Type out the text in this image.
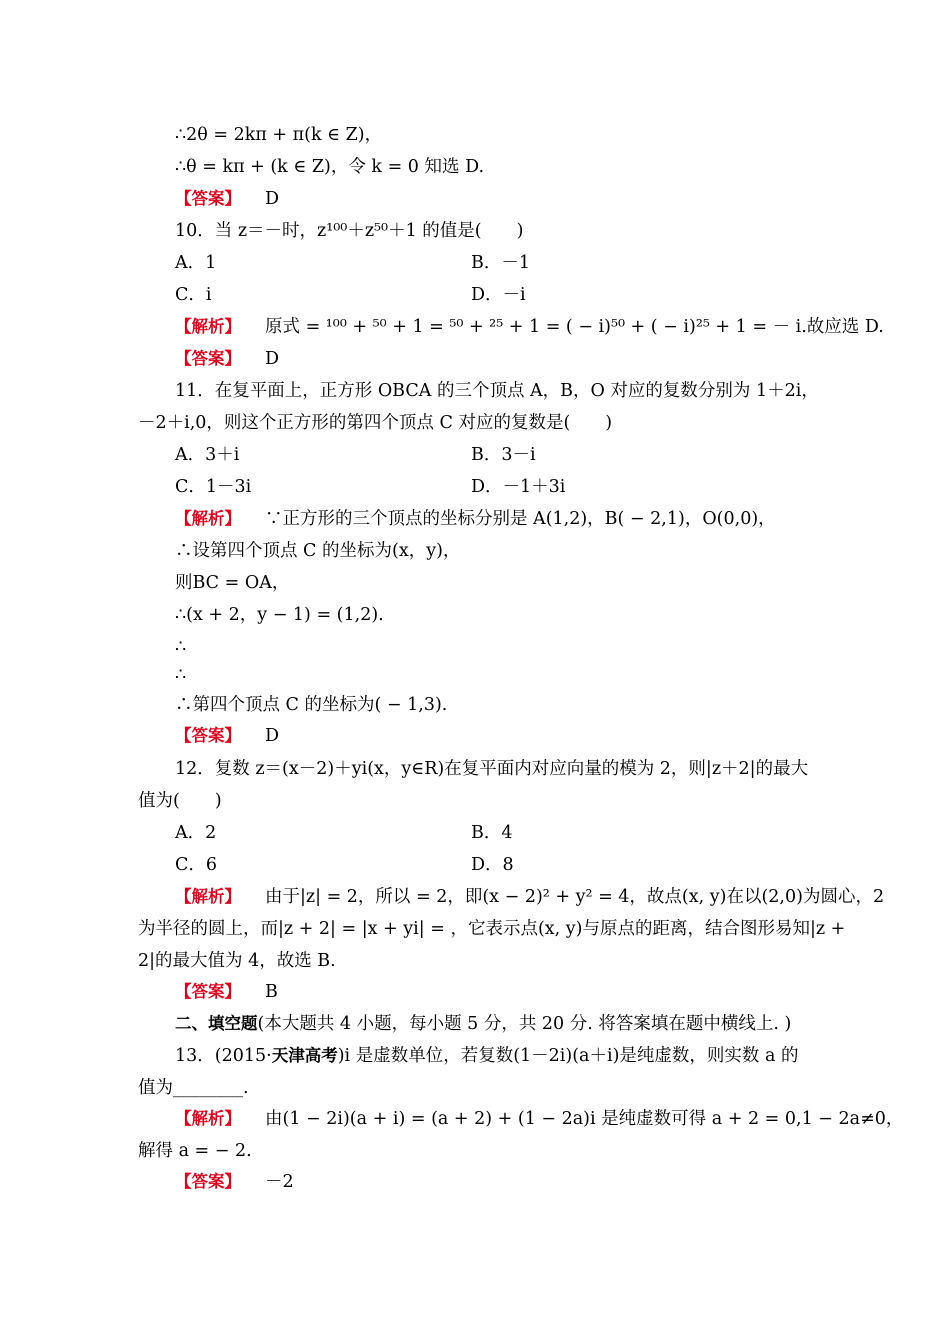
∴2θ = 2kπ + π(k ∈ Z)，
∴θ = kπ + (k ∈ Z)，令 k = 0 知选 D.
【答案】 D
10．当 z＝－时，z¹⁰⁰＋z⁵⁰＋1 的值是(　　)
A．1	B．－1
C．i	D．－i
【解析】 原式 = ¹⁰⁰ + ⁵⁰ + 1 = ⁵⁰ + ²⁵ + 1 = ( − i)⁵⁰ + ( − i)²⁵ + 1 = － i.故应选 D.
【答案】 D
11．在复平面上，正方形 OBCA 的三个顶点 A，B，O 对应的复数分别为 1＋2i，
－2＋i,0，则这个正方形的第四个顶点 C 对应的复数是(　　)
A．3＋i	B．3－i
C．1－3i	D．－1＋3i
【解析】 ∵正方形的三个顶点的坐标分别是 A(1,2)，B( − 2,1)，O(0,0)，
∴设第四个顶点 C 的坐标为(x，y)，
则BC = OA，
∴(x + 2，y − 1) = (1,2).
∴
∴
∴第四个顶点 C 的坐标为( − 1,3).
【答案】 D
12．复数 z＝(x－2)＋yi(x，y∈R)在复平面内对应向量的模为 2，则|z＋2|的最大
值为(　　)
A．2	B．4
C．6	D．8
【解析】 由于|z| = 2，所以 = 2，即(x − 2)² + y² = 4，故点(x, y)在以(2,0)为圆心，2
为半径的圆上，而|z + 2| = |x + yi| = ，它表示点(x, y)与原点的距离，结合图形易知|z +
2|的最大值为 4，故选 B.
【答案】 B
二、填空题(本大题共 4 小题，每小题 5 分，共 20 分. 将答案填在题中横线上. )
13．(2015·天津高考)i 是虚数单位，若复数(1－2i)(a＋i)是纯虚数，则实数 a 的
值为________.
【解析】 由(1 − 2i)(a + i) = (a + 2) + (1 − 2a)i 是纯虚数可得 a + 2 = 0,1 − 2a≠0，
解得 a = − 2.
【答案】 －2
